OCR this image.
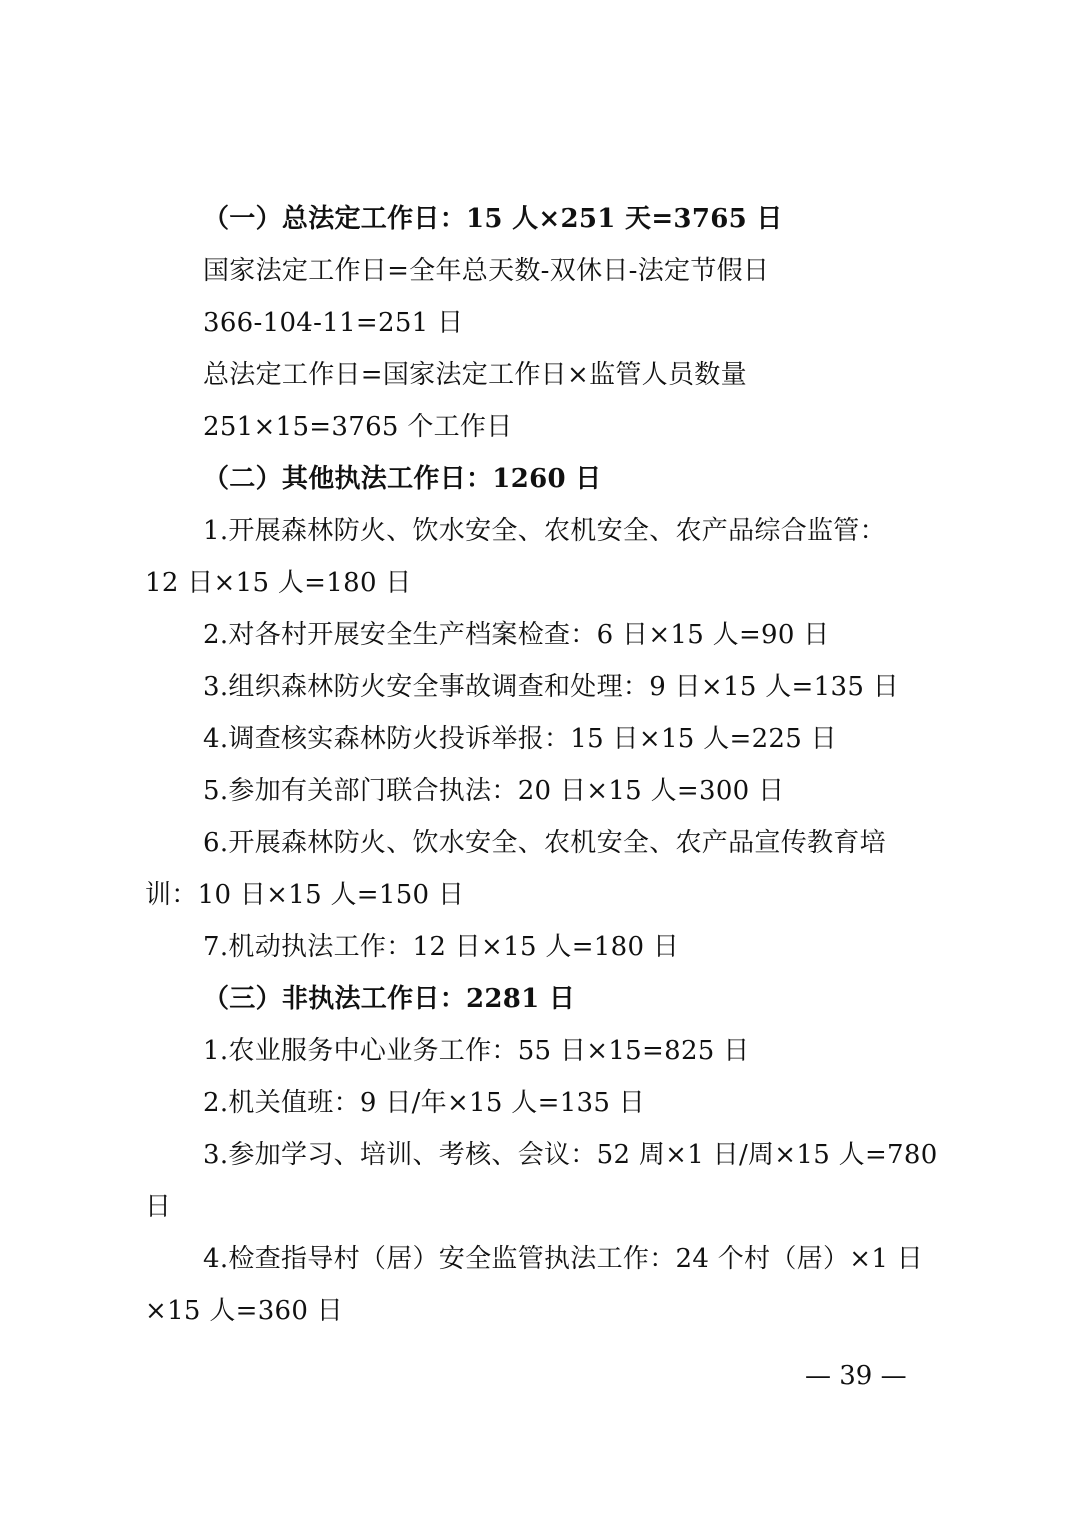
（一）总法定工作日：15 人×251 天=3765 日
国家法定工作日=全年总天数-双休日-法定节假日
366-104-11=251 日
总法定工作日=国家法定工作日×监管人员数量
251×15=3765 个工作日
（二）其他执法工作日：1260 日
1.开展森林防火、饮水安全、农机安全、农产品综合监管：
12 日×15 人=180 日
2.对各村开展安全生产档案检查：6 日×15 人=90 日
3.组织森林防火安全事故调查和处理：9 日×15 人=135 日
4.调查核实森林防火投诉举报：15 日×15 人=225 日
5.参加有关部门联合执法：20 日×15 人=300 日
6.开展森林防火、饮水安全、农机安全、农产品宣传教育培
训：10 日×15 人=150 日
7.机动执法工作：12 日×15 人=180 日
（三）非执法工作日：2281 日
1.农业服务中心业务工作：55 日×15=825 日
2.机关值班：9 日/年×15 人=135 日
3.参加学习、培训、考核、会议：52 周×1 日/周×15 人=780
日
4.检查指导村（居）安全监管执法工作：24 个村（居）×1 日
×15 人=360 日
— 39 —
